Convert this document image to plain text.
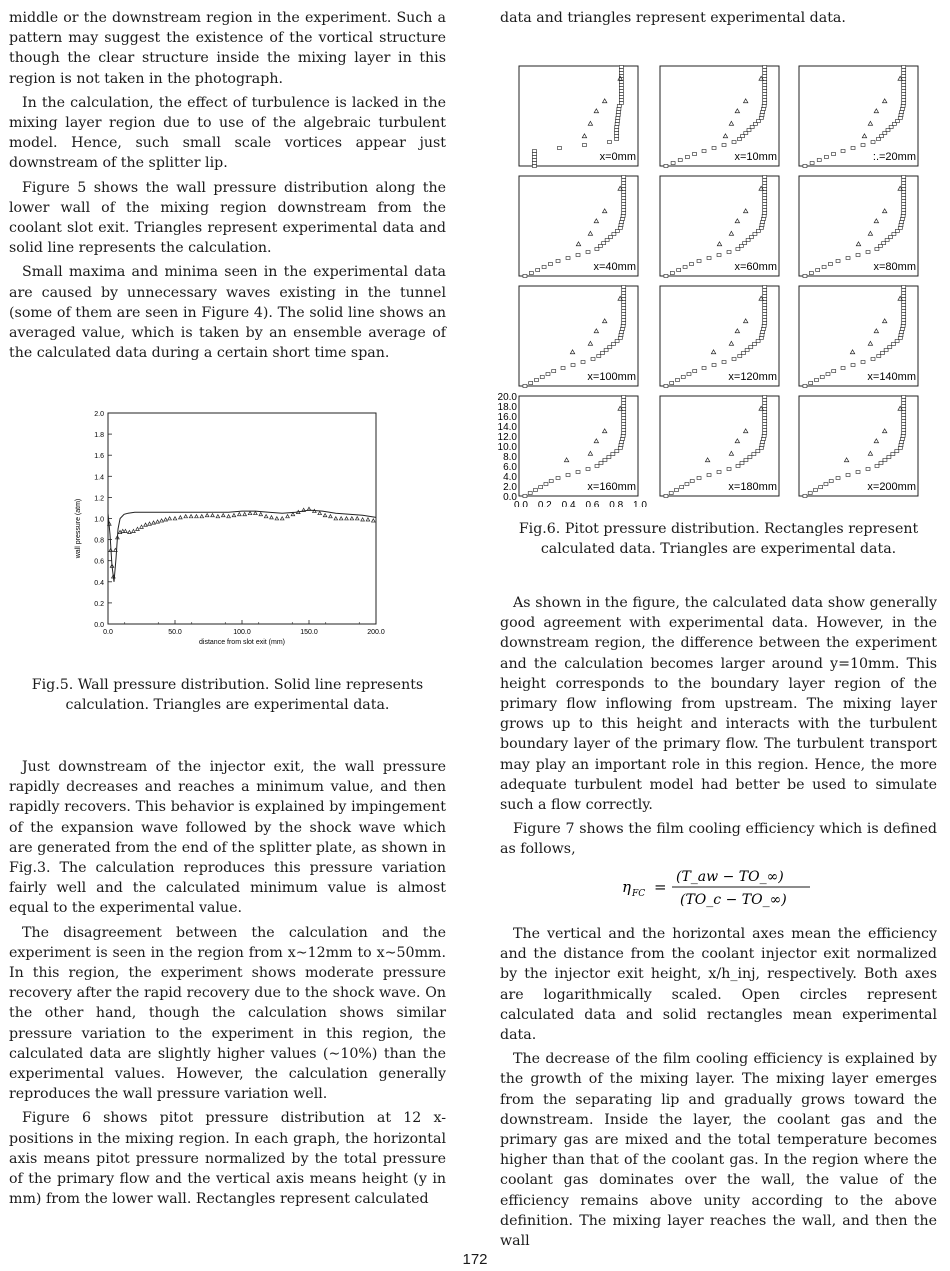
middle or the downstream region in the experiment. Such a pattern may suggest the existence of the vortical structure though the clear structure inside the mixing layer in this region is not taken in the photograph.

In the calculation, the effect of turbulence is lacked in the mixing layer region due to use of the algebraic turbulent model. Hence, such small scale vortices appear just downstream of the splitter lip.

Figure 5 shows the wall pressure distribution along the lower wall of the mixing region downstream from the coolant slot exit. Triangles represent experimental data and solid line represents the calculation.

Small maxima and minima seen in the experimental data are caused by unnecessary waves existing in the tunnel (some of them are seen in Figure 4). The solid line shows an averaged value, which is taken by an ensemble average of the calculated data during a certain short time span.

0.0
0.2
0.4
0.6
0.8
1.0
1.2
1.4
1.6
1.8
2.0
0.0	50.0	100.0	150.0	200.0
distance from slot exit (mm)
wall pressure (atm)

Fig.5. Wall pressure distribution. Solid line represents calculation. Triangles are experimental data.

Just downstream of the injector exit, the wall pressure rapidly decreases and reaches a minimum value, and then rapidly recovers. This behavior is explained by impingement of the expansion wave followed by the shock wave which are generated from the end of the splitter plate, as shown in Fig.3. The calculation reproduces this pressure variation fairly well and the calculated minimum value is almost equal to the experimental value.

The disagreement between the calculation and the experiment is seen in the region from x∼12mm to x∼50mm. In this region, the experiment shows moderate pressure recovery after the rapid recovery due to the shock wave. On the other hand, though the calculation shows similar pressure variation to the experiment in this region, the calculated data are slightly higher values (∼10%) than the experimental values. However, the calculation generally reproduces the wall pressure variation well.

Figure 6 shows pitot pressure distribution at 12 x-positions in the mixing region. In each graph, the horizontal axis means pitot pressure normalized by the total pressure of the primary flow and the vertical axis means height (y in mm) from the lower wall. Rectangles represent calculated

data and triangles represent experimental data.

x=0mm	x=10mm	:.=20mm
x=40mm	x=60mm	x=80mm
x=100mm	x=120mm	x=140mm
x=160mm
0.0
2.0
4.0
6.0
8.0
10.0
12.0
14.0
16.0
18.0
20.0
0.0 0.2 0.4 0.6 0.8 1.0
x=180mm	x=200mm

Fig.6. Pitot pressure distribution. Rectangles represent calculated data. Triangles are experimental data.

As shown in the figure, the calculated data show generally good agreement with experimental data. However, in the downstream region, the difference between the experiment and the calculation becomes larger around y=10mm. This height corresponds to the boundary layer region of the primary flow inflowing from upstream. The mixing layer grows up to this height and interacts with the turbulent boundary layer of the primary flow. The turbulent transport may play an important role in this region. Hence, the more adequate turbulent model had better be used to simulate such a flow correctly.

Figure 7 shows the film cooling efficiency which is defined as follows,

η FC =
(T_aw − TO_∞)
(TO_c − TO_∞)

The vertical and the horizontal axes mean the efficiency and the distance from the coolant injector exit normalized by the injector exit height, x/h_inj, respectively. Both axes are logarithmically scaled. Open circles represent calculated data and solid rectangles mean experimental data.

The decrease of the film cooling efficiency is explained by the growth of the mixing layer. The mixing layer emerges from the separating lip and gradually grows toward the downstream. Inside the layer, the coolant gas and the primary gas are mixed and the total temperature becomes higher than that of the coolant gas. In the region where the coolant gas dominates over the wall, the value of the efficiency remains above unity according to the above definition. The mixing layer reaches the wall, and then the wall

172
